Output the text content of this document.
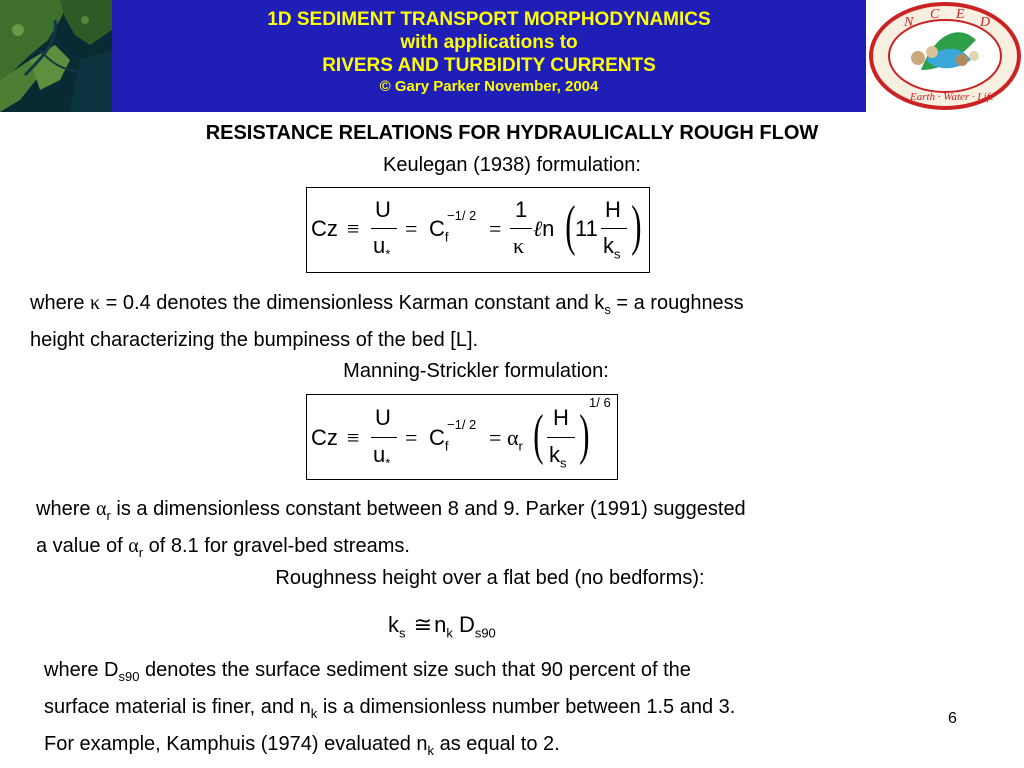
1D SEDIMENT TRANSPORT MORPHODYNAMICS
with applications to
RIVERS AND TURBIDITY CURRENTS
© Gary Parker November, 2004
N
C E
D
Earth · Water · Life
RESISTANCE RELATIONS FOR HYDRAULICALLY ROUGH FLOW
Keulegan (1938) formulation:
Cz ≡
U
$u_*$
= $C_f$
−1/ 2
=
1
κ
ℓn ( 11
H
$k_s$ )
where κ = 0.4 denotes the dimensionless Karman constant and $k_s = a$ roughness
height characterizing the bumpiness of the bed [L].
Manning-Strickler formulation:
Cz ≡
U
$u_*$
= $C_f$
−1/ 2
= $\alpha_r$ ( H
$k_s$ )
1/ 6
where $\alpha_r$ is a dimensionless constant between 8 and 9. Parker (1991) suggested
a value of $\alpha_r$ of 8.1 for gravel-bed streams.
Roughness height over a flat bed (no bedforms):
$k_s$ $≅n_k$ $D_{s90}$
where $D_{s90}$ denotes the surface sediment size such that 90 percent of the
surface material is finer, and $n_k$ is a dimensionless number between 1.5 and 3.
For example, Kamphuis (1974) evaluated $n_k$ as equal to 2.
6
